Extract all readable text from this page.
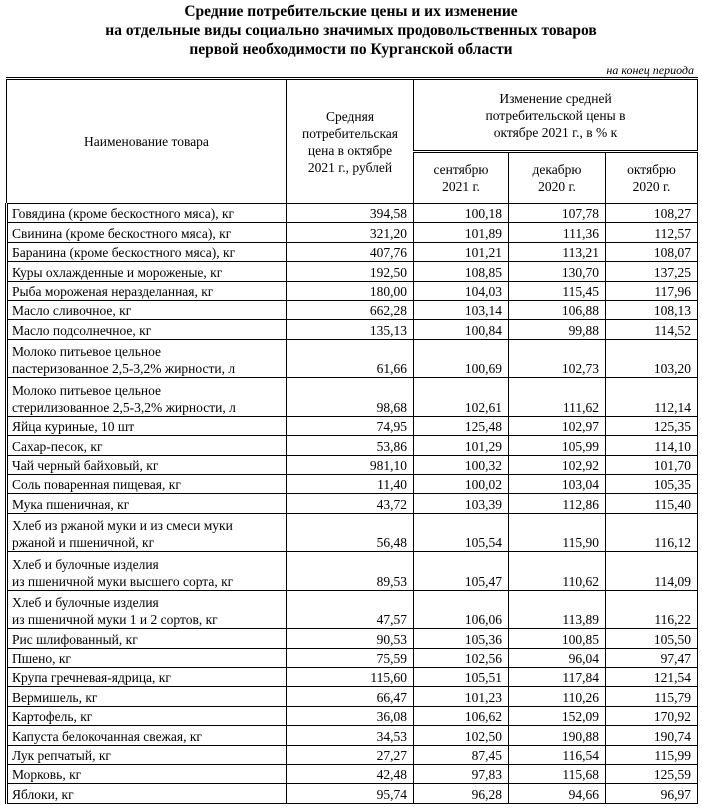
Средние потребительские цены и их изменение
на отдельные виды социально значимых продовольственных товаров
первой необходимости по Курганской области
на конец периода
Наименование товара	Средняя потребительская цена в октябре 2021 г., рублей	Изменение средней потребительской цены в октябре 2021 г., в % к		
		сентябрю 2021 г.	декабрю 2020 г.	октябрю 2020 г.

Говядина (кроме бескостного мяса), кг	394,58	100,18	107,78	108,27

Свинина (кроме бескостного мяса), кг	321,20	101,89	111,36	112,57

Баранина (кроме бескостного мяса), кг	407,76	101,21	113,21	108,07

Куры охлажденные и мороженые, кг	192,50	108,85	130,70	137,25

Рыба мороженая неразделанная, кг	180,00	104,03	115,45	117,96

Масло сливочное, кг	662,28	103,14	106,88	108,13

Масло подсолнечное, кг	135,13	100,84	99,88	114,52

Молоко питьевое цельное
пастеризованное 2,5-3,2% жирности, л	61,66	100,69	102,73	103,20

Молоко питьевое цельное
стерилизованное 2,5-3,2% жирности, л	98,68	102,61	111,62	112,14

Яйца куриные, 10 шт	74,95	125,48	102,97	125,35

Сахар-песок, кг	53,86	101,29	105,99	114,10

Чай черный байховый, кг	981,10	100,32	102,92	101,70

Соль поваренная пищевая, кг	11,40	100,02	103,04	105,35

Мука пшеничная, кг	43,72	103,39	112,86	115,40

Хлеб из ржаной муки и из смеси муки
ржаной и пшеничной, кг	56,48	105,54	115,90	116,12

Хлеб и булочные изделия
из пшеничной муки высшего сорта, кг	89,53	105,47	110,62	114,09

Хлеб и булочные изделия
из пшеничной муки 1 и 2 сортов, кг	47,57	106,06	113,89	116,22

Рис шлифованный, кг	90,53	105,36	100,85	105,50

Пшено, кг	75,59	102,56	96,04	97,47

Крупа гречневая-ядрица, кг	115,60	105,51	117,84	121,54

Вермишель, кг	66,47	101,23	110,26	115,79

Картофель, кг	36,08	106,62	152,09	170,92

Капуста белокочанная свежая, кг	34,53	102,50	190,88	190,74

Лук репчатый, кг	27,27	87,45	116,54	115,99

Морковь, кг	42,48	97,83	115,68	125,59

Яблоки, кг	95,74	96,28	94,66	96,97
